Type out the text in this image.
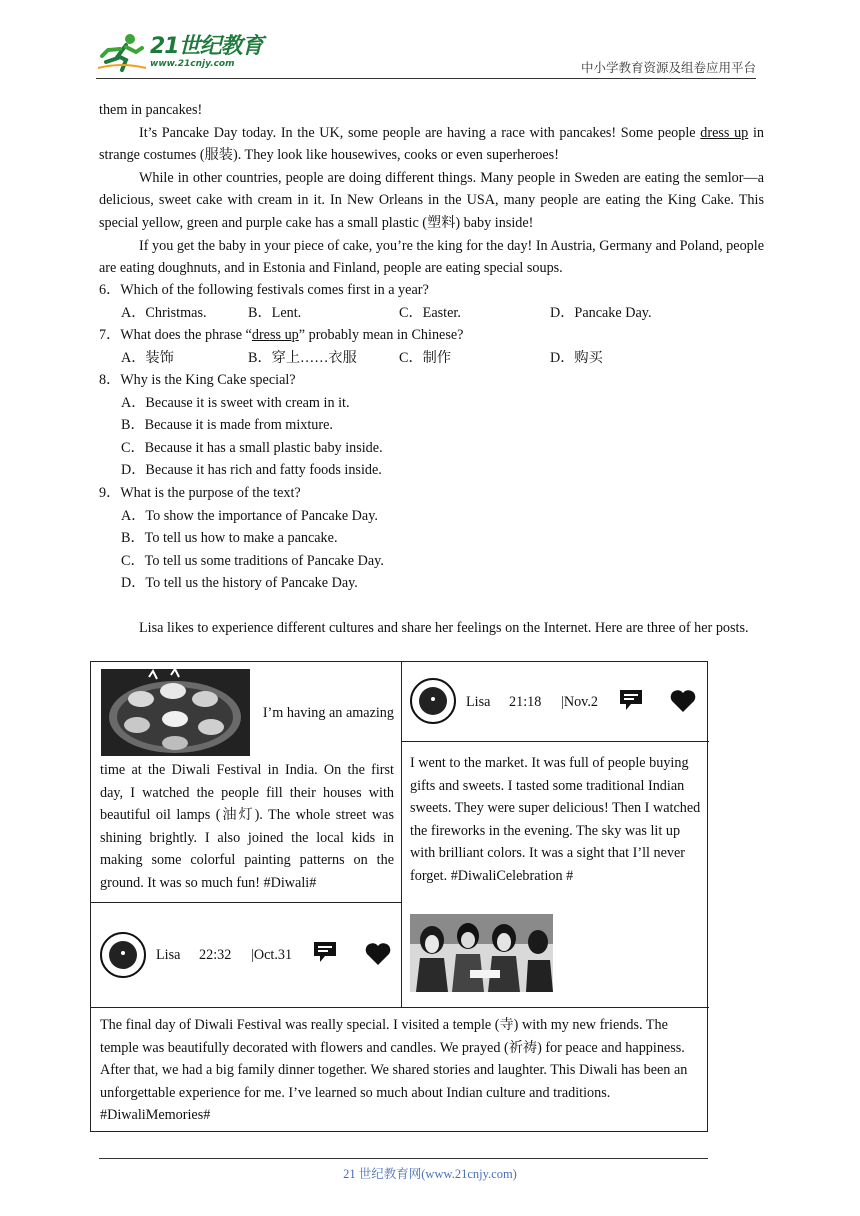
21世纪教育
www.21cnjy.com	中小学教育资源及组卷应用平台

them in pancakes!

It’s Pancake Day today. In the UK, some people are having a race with pancakes! Some people dress up in strange costumes (服装). They look like housewives, cooks or even superheroes!

While in other countries, people are doing different things. Many people in Sweden are eating the semlor—a delicious, sweet cake with cream in it. In New Orleans in the USA, many people are eating the King Cake. This special yellow, green and purple cake has a small plastic (塑料) baby inside!

If you get the baby in your piece of cake, you’re the king for the day! In Austria, Germany and Poland, people are eating doughnuts, and in Estonia and Finland, people are eating special soups.

6．Which of the following festivals comes first in a year?
A．Christmas.	B．Lent.	C．Easter.	D．Pancake Day.
7．What does the phrase “dress up” probably mean in Chinese?
A．装饰	B．穿上……衣服	C．制作	D．购买
8．Why is the King Cake special?
A．Because it is sweet with cream in it.
B．Because it is made from mixture.
C．Because it has a small plastic baby inside.
D．Because it has rich and fatty foods inside.
9．What is the purpose of the text?
A．To show the importance of Pancake Day.
B．To tell us how to make a pancake.
C．To tell us some traditions of Pancake Day.
D．To tell us the history of Pancake Day.

Lisa likes to experience different cultures and share her feelings on the Internet. Here are three of her posts.

I’m having an amazing
time at the Diwali Festival in India. On the first day, I watched the people fill their houses with beautiful oil lamps (油灯). The whole street was shining brightly. I also joined the local kids in making some colorful painting patterns on the ground. It was so much fun! #Diwali#
Lisa 22:32 |Oct.31
Lisa 21:18 |Nov.2
I went to the market. It was full of people buying gifts and sweets. I tasted some traditional Indian sweets. They were super delicious! Then I watched the fireworks in the evening. The sky was lit up with brilliant colors. It was a sight that I’ll never forget. #DiwaliCelebration #
The final day of Diwali Festival was really special. I visited a temple (寺) with my new friends. The temple was beautifully decorated with flowers and candles. We prayed (祈祷) for peace and happiness. After that, we had a big family dinner together. We shared stories and laughter. This Diwali has been an unforgettable experience for me. I’ve learned so much about Indian culture and traditions. #DiwaliMemories#
21 世纪教育网(www.21cnjy.com)
